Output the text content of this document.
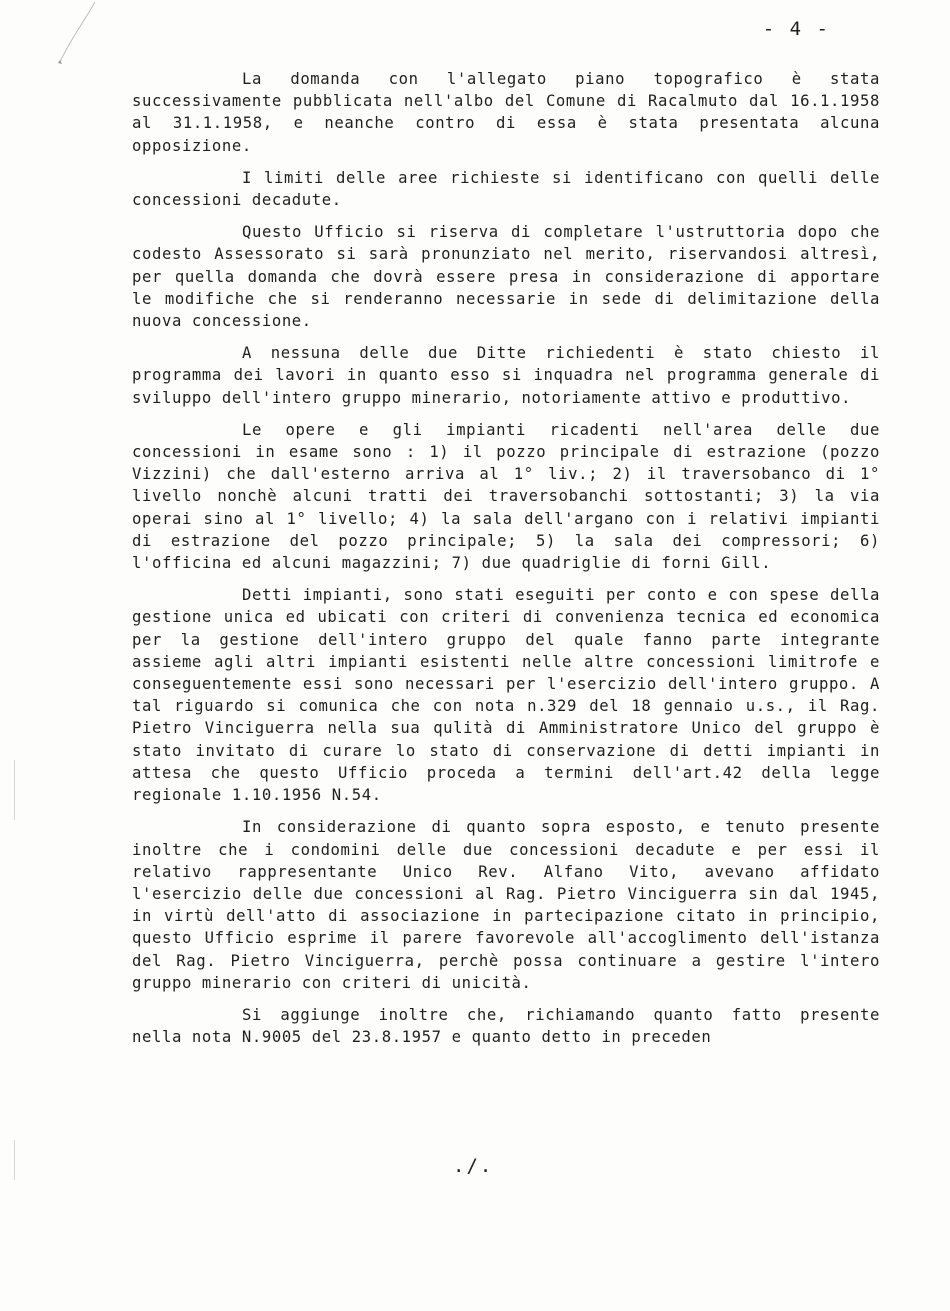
- 4 -

La domanda con l'allegato piano topografico è stata successivamente pubblicata nell'albo del Comune di Racalmuto dal 16.1.1958 al 31.1.1958, e neanche contro di essa è stata presentata alcuna opposizione.

I limiti delle aree richieste si identificano con quelli delle concessioni decadute.

Questo Ufficio si riserva di completare l'ustruttoria dopo che codesto Assessorato si sarà pronunziato nel merito, riservandosi altresì, per quella domanda che dovrà essere presa in considerazione di apportare le modifiche che si renderanno necessarie in sede di delimitazione della nuova concessione.

A nessuna delle due Ditte richiedenti è stato chiesto il programma dei lavori in quanto esso si inquadra nel programma generale di sviluppo dell'intero gruppo minerario, notoriamente attivo e produttivo.

Le opere e gli impianti ricadenti nell'area delle due concessioni in esame sono : 1) il pozzo principale di estrazione (pozzo Vizzini) che dall'esterno arriva al 1° liv.; 2) il traversobanco di 1° livello nonchè alcuni tratti dei traversobanchi sottostanti; 3) la via operai sino al 1° livello; 4) la sala dell'argano con i relativi impianti di estrazione del pozzo principale; 5) la sala dei compressori; 6) l'officina ed alcuni magazzini; 7) due quadriglie di forni Gill.

Detti impianti, sono stati eseguiti per conto e con spese della gestione unica ed ubicati con criteri di convenienza tecnica ed economica per la gestione dell'intero gruppo del quale fanno parte integrante assieme agli altri impianti esistenti nelle altre concessioni limitrofe e conseguentemente essi sono necessari per l'esercizio dell'intero gruppo. A tal riguardo si comunica che con nota n.329 del 18 gennaio u.s., il Rag. Pietro Vinciguerra nella sua qulità di Amministratore Unico del gruppo è stato invitato di curare lo stato di conservazione di detti impianti in attesa che questo Ufficio proceda a termini dell'art.42 della legge regionale 1.10.1956 N.54.

In considerazione di quanto sopra esposto, e tenuto presente inoltre che i condomini delle due concessioni decadute e per essi il relativo rappresentante Unico Rev. Alfano Vito, avevano affidato l'esercizio delle due concessioni al Rag. Pietro Vinciguerra sin dal 1945, in virtù dell'atto di associazione in partecipazione citato in principio, questo Ufficio esprime il parere favorevole all'accoglimento dell'istanza del Rag. Pietro Vinciguerra, perchè possa continuare a gestire l'intero gruppo minerario con criteri di unicità.

Si aggiunge inoltre che, richiamando quanto fatto presente nella nota N.9005 del 23.8.1957 e quanto detto in preceden

./.
